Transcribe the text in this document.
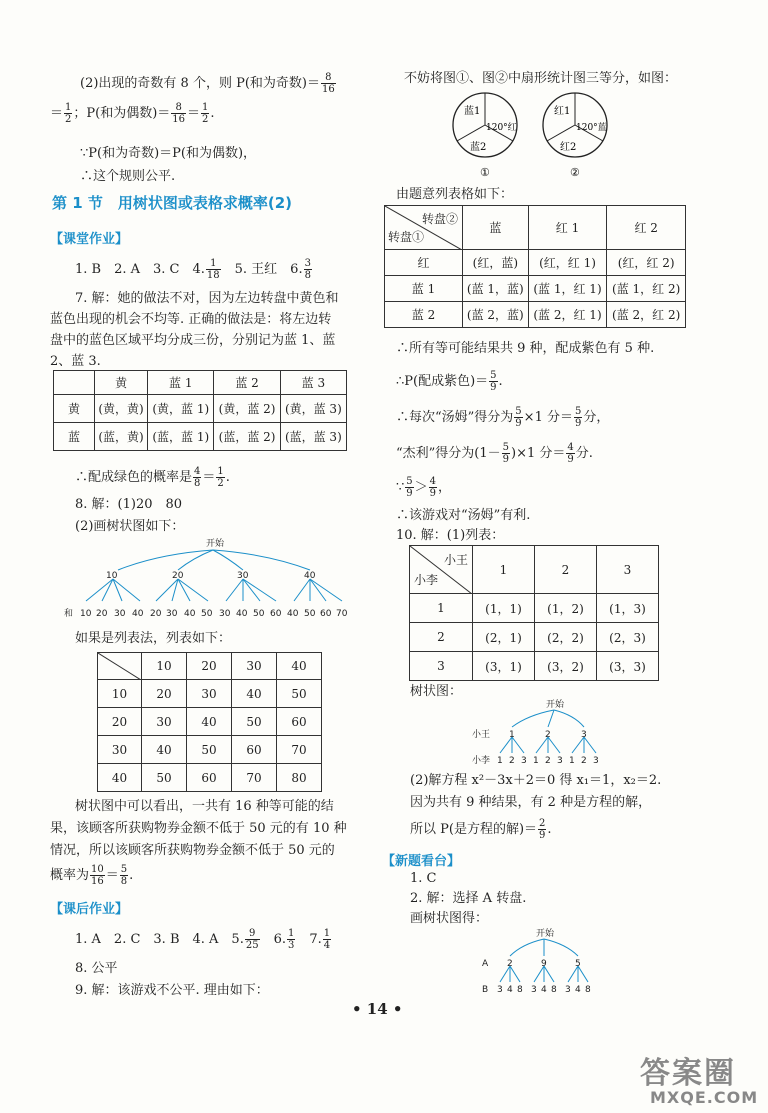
(2)出现的奇数有 8 个，则 P(和为奇数)＝ $\frac{8}{16}$
＝ $\frac{1}{2}$ ；P(和为偶数)＝ $\frac{8}{16} = \frac{1}{2}$ .
∵P(和为奇数)＝P(和为偶数)，
∴这个规则公平.
第 1 节　用树状图或表格求概率(2)
【课堂作业】
1. B　2. A　3. C　4. $\frac{1}{18}$ 　5. 王红　6. $\frac{3}{8}$
7. 解：她的做法不对，因为左边转盘中黄色和
蓝色出现的机会不均等. 正确的做法是：将左边转
盘中的蓝色区域平均分成三份，分别记为蓝 1、蓝
2、蓝 3.
	黄	蓝 1	蓝 2	蓝 3
黄	(黄，黄)	(黄，蓝 1)	(黄，蓝 2)	(黄，蓝 3)
蓝	(蓝，黄)	(蓝，蓝 1)	(蓝，蓝 2)	(蓝，蓝 3)
∴配成绿色的概率是 $\frac{4}{8} = \frac{1}{2}$ .
8. 解：(1)20　80
(2)画树状图如下：
开始
10	20	30	40
和 10 20 30 40 20 30 40 50 30 40 50 60 40 50 60 70
如果是列表法，列表如下：
	10	20	30	40
10	20	30	40	50
20	30	40	50	60
30	40	50	60	70
40	50	60	70	80
树状图中可以看出，一共有 16 种等可能的结
果，该顾客所获购物券金额不低于 50 元的有 10 种
情况，所以该顾客所获购物券金额不低于 50 元的
概率为 $\frac{10}{16} = \frac{5}{8}$ .
【课后作业】
1. A　2. C　3. B　4. A　5. $\frac{9}{25}$ 　6. $\frac{1}{3}$ 　7. $\frac{1}{4}$
8. 公平
9. 解：该游戏不公平. 理由如下：
不妨将图①、图②中扇形统计图三等分，如图：
蓝1
120°红
蓝2
①
红1
120°蓝
红2
②
由题意列表格如下：
转盘②
转盘①	蓝	红 1	红 2
红	(红，蓝)	(红，红 1)	(红，红 2)
蓝 1	(蓝 1，蓝)	(蓝 1，红 1)	(蓝 1，红 2)
蓝 2	(蓝 2，蓝)	(蓝 2，红 1)	(蓝 2，红 2)
∴所有等可能结果共 9 种，配成紫色有 5 种.
∴P(配成紫色)＝ $\frac{5}{9}$ .
∴每次“汤姆”得分为 $\frac{5}{9} \times 1$ 分＝ $\frac{5}{9}$ 分，
“杰利”得分为$(1- \frac{5}{9} )\times 1$ 分＝ $\frac{4}{9}$ 分.
∵ $\frac{5}{9} > \frac{4}{9}$ ，
∴该游戏对“汤姆”有利.
10. 解：(1)列表：
小王
小李	1	2	3
1	(1，1)	(1，2)	(1，3)
2	(2，1)	(2，2)	(2，3)
3	(3，1)	(3，2)	(3，3)
树状图：
开始
小王 1	2	3
小李 1 2 3 1 2 3 1 2 3
(2)解方程 x²－3x＋2＝0 得 x₁＝1，x₂＝2.
因为共有 9 种结果，有 2 种是方程的解，
所以 P(是方程的解)＝ $\frac{2}{9}$ .
【新题看台】
1. C
2. 解：选择 A 转盘.
画树状图得：
开始
A 2	9	5
B 3 4 8 3 4 8 3 4 8
• 14 •
答案圈
MXQE.COM
